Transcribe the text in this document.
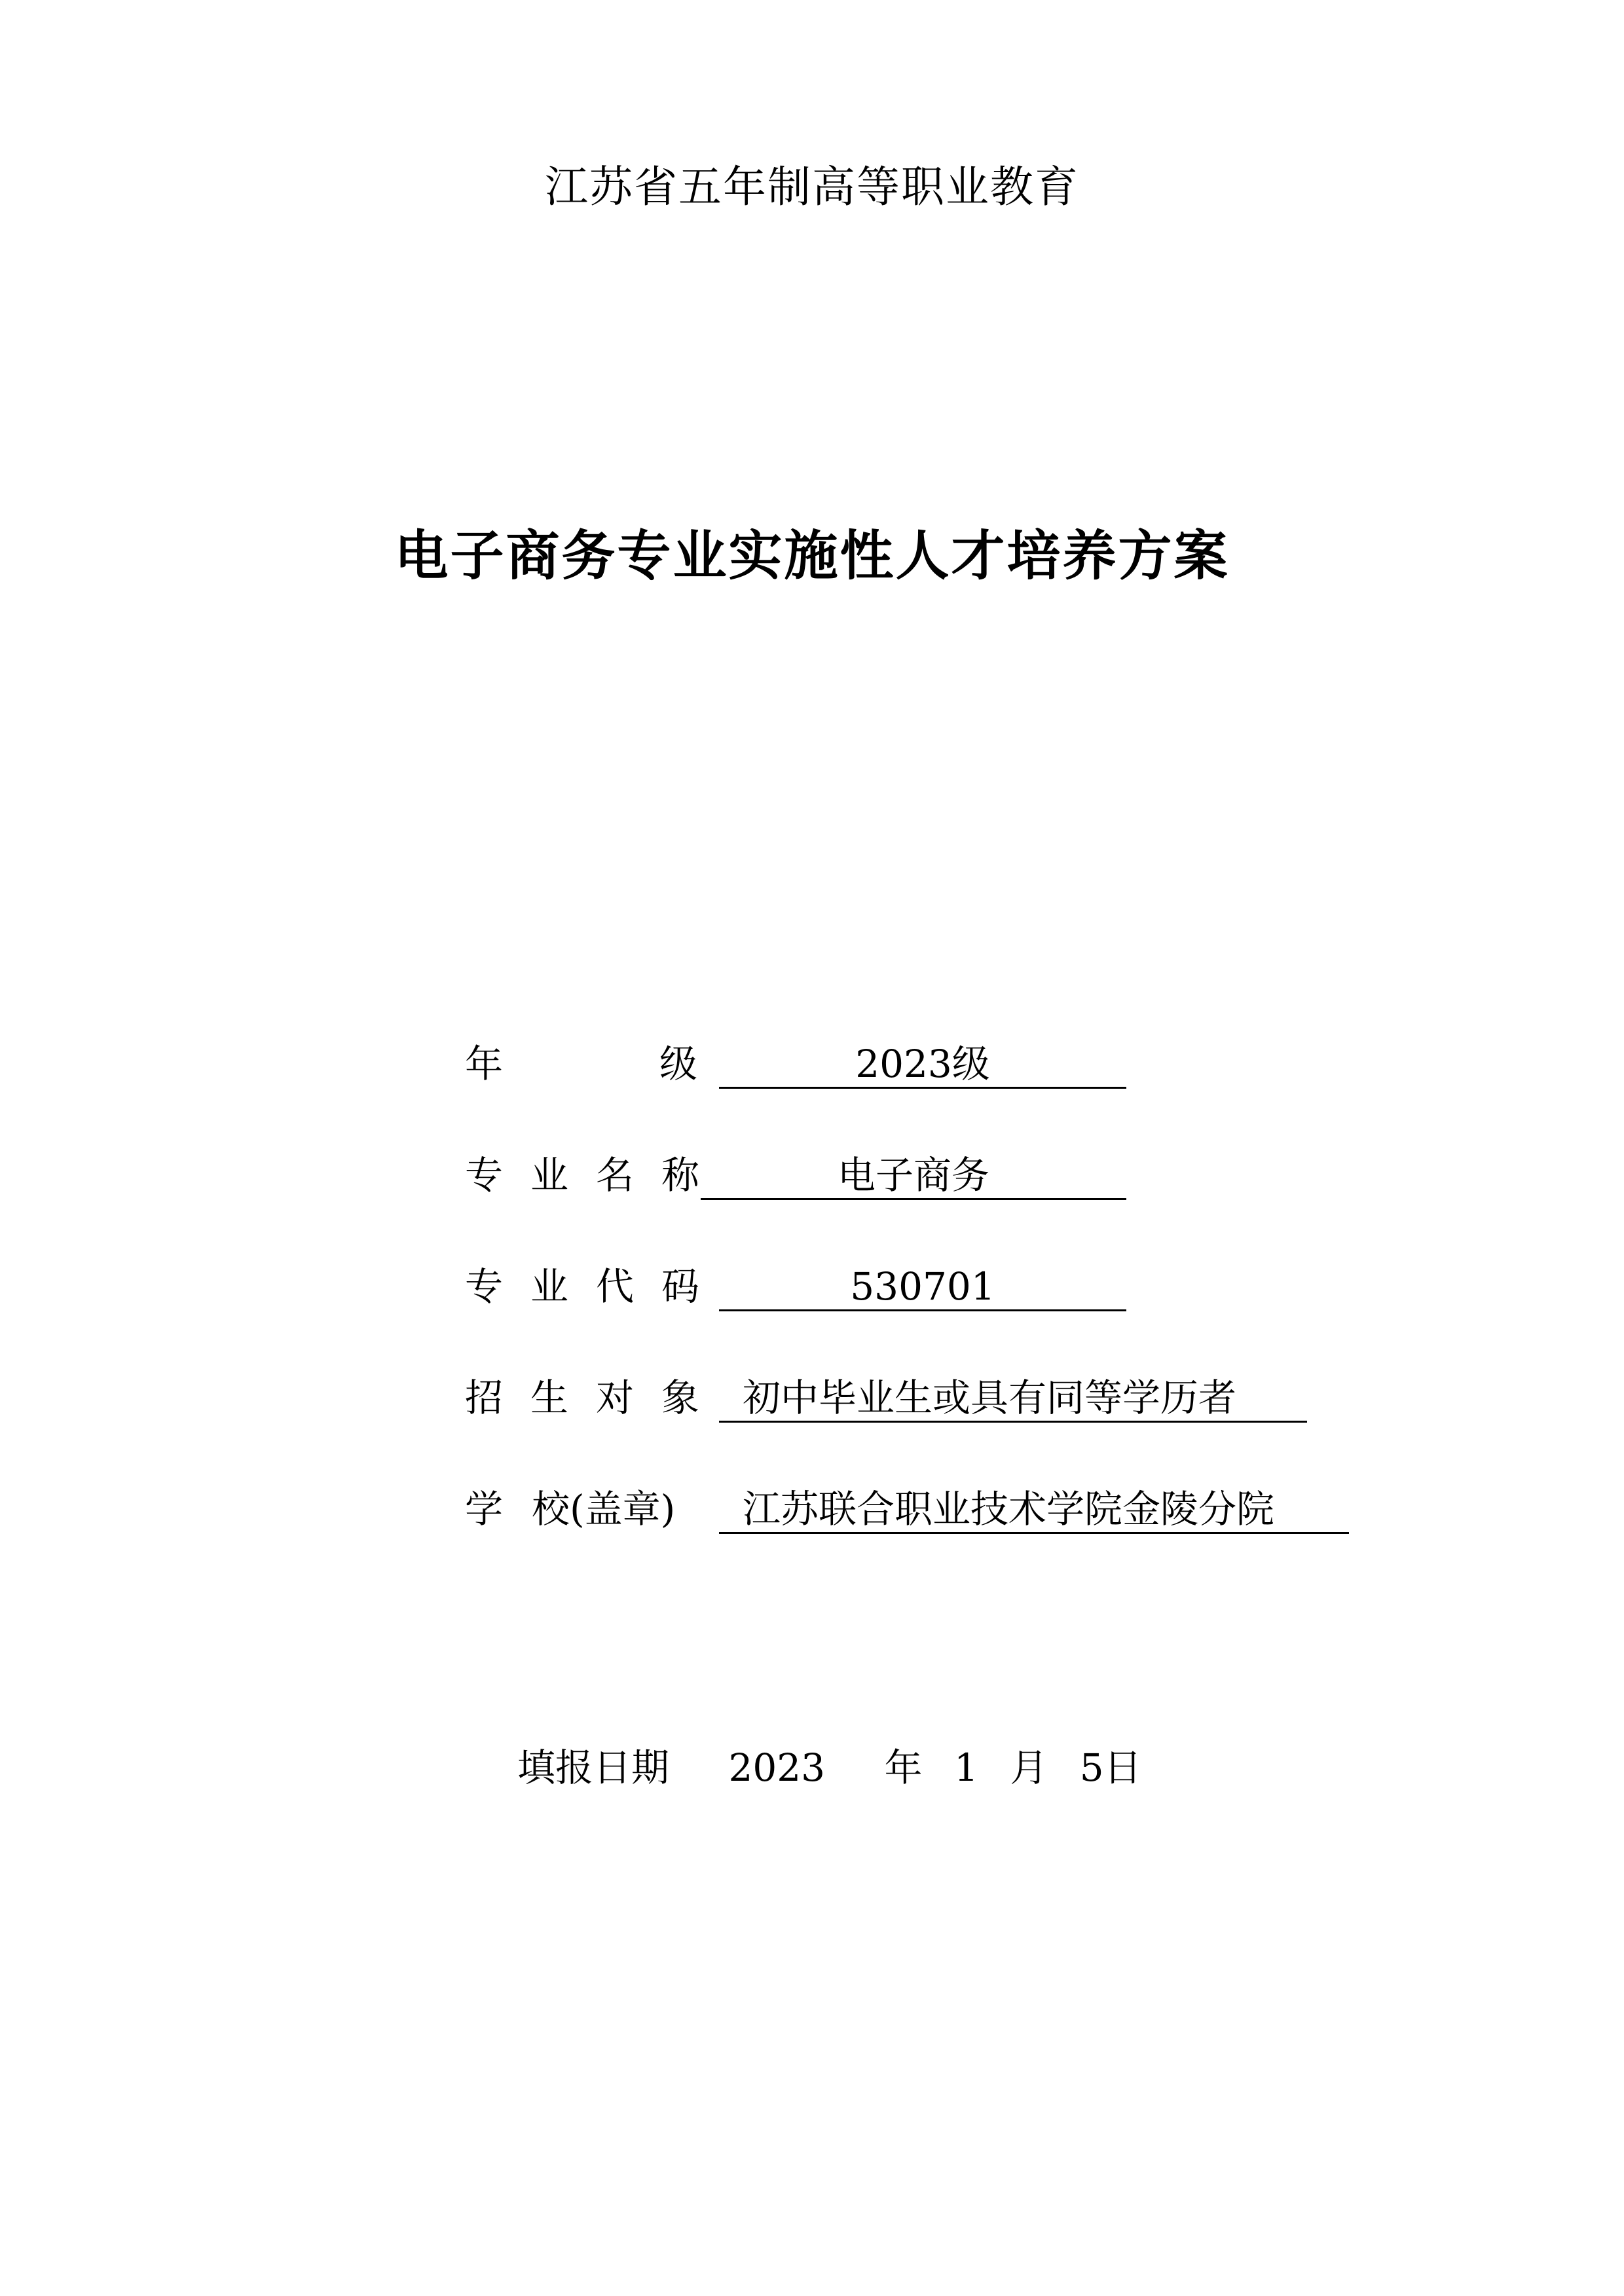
江苏省五年制高等职业教育
电子商务专业实施性人才培养方案
年	级	2023级
专业名称	电子商务
专业代码	530701
招生对象 初中毕业生或具有同等学历者
学 校(盖章)	江苏联合职业技术学院金陵分院
填报日期 2023 年 1 月 5日
